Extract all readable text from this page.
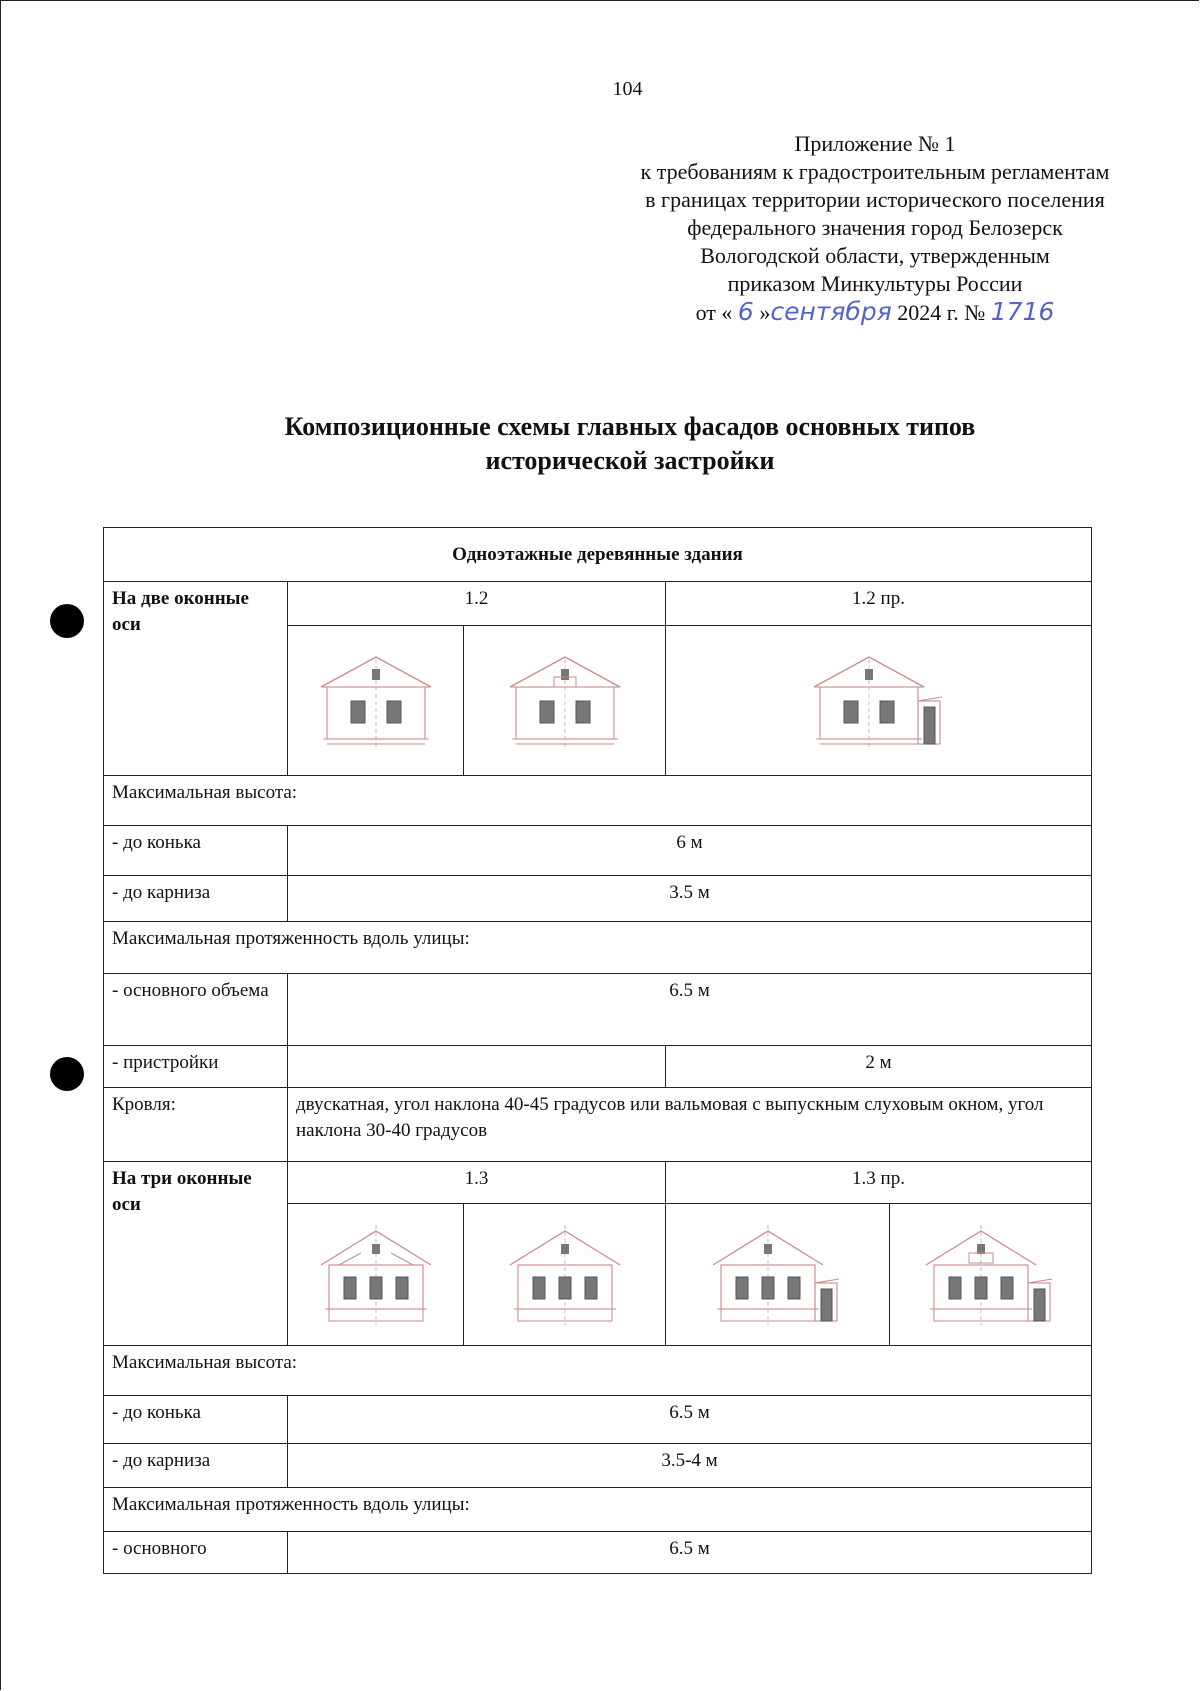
104
Приложение № 1
к требованиям к градостроительным регламентам
в границах территории исторического поселения
федерального значения город Белозерск
Вологодской области, утвержденным
приказом Минкультуры России
от « 6 »сентября 2024 г. № 1716
Композиционные схемы главных фасадов основных типов
исторической застройки
Одноэтажные деревянные здания				
На две оконные оси	1.2		1.2 пр.	

Максимальная высота:				
- до конька	6 м			
- до карниза	3.5 м			
Максимальная протяженность вдоль улицы:				
- основного объема	6.5 м			
- пристройки			2 м	
Кровля:	двускатная, угол наклона 40-45 градусов или вальмовая с выпускным слуховым окном, угол наклона 30-40 градусов			
На три оконные оси	1.3		1.3 пр.	

Максимальная высота:				
- до конька	6.5 м			
- до карниза	3.5-4 м			
Максимальная протяженность вдоль улицы:				
- основного	6.5 м			
